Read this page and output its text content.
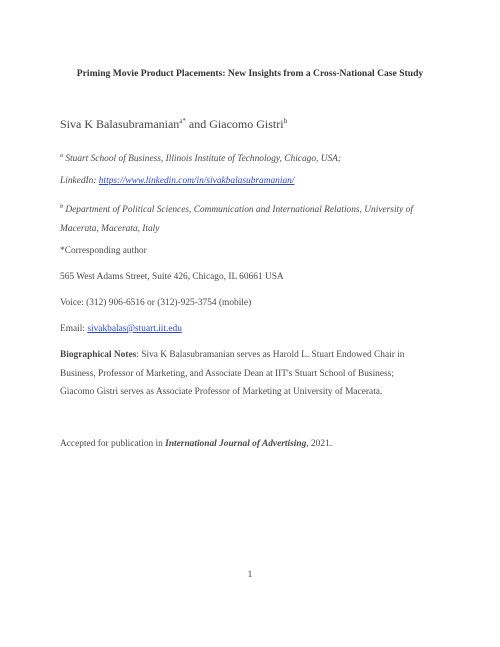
Priming Movie Product Placements: New Insights from a Cross-National Case Study
Siva K Balasubramanian$^{a*}$ and Giacomo Gistri$^b$
$^a$ Stuart School of Business, Illinois Institute of Technology, Chicago, USA;
LinkedIn: https://www.linkedin.com/in/sivakbalasubramanian/
$^b$ Department of Political Sciences, Communication and International Relations, University of
Macerata, Macerata, Italy
*Corresponding author
565 West Adams Street, Suite 426, Chicago, IL 60661 USA
Voice: (312) 906-6516 or (312)-925-3754 (mobile)
Email: sivakbalas@stuart.iit.edu
Biographical Notes: Siva K Balasubramanian serves as Harold L. Stuart Endowed Chair in
Business, Professor of Marketing, and Associate Dean at IIT's Stuart School of Business;
Giacomo Gistri serves as Associate Professor of Marketing at University of Macerata.
Accepted for publication in International Journal of Advertising, 2021.
1
